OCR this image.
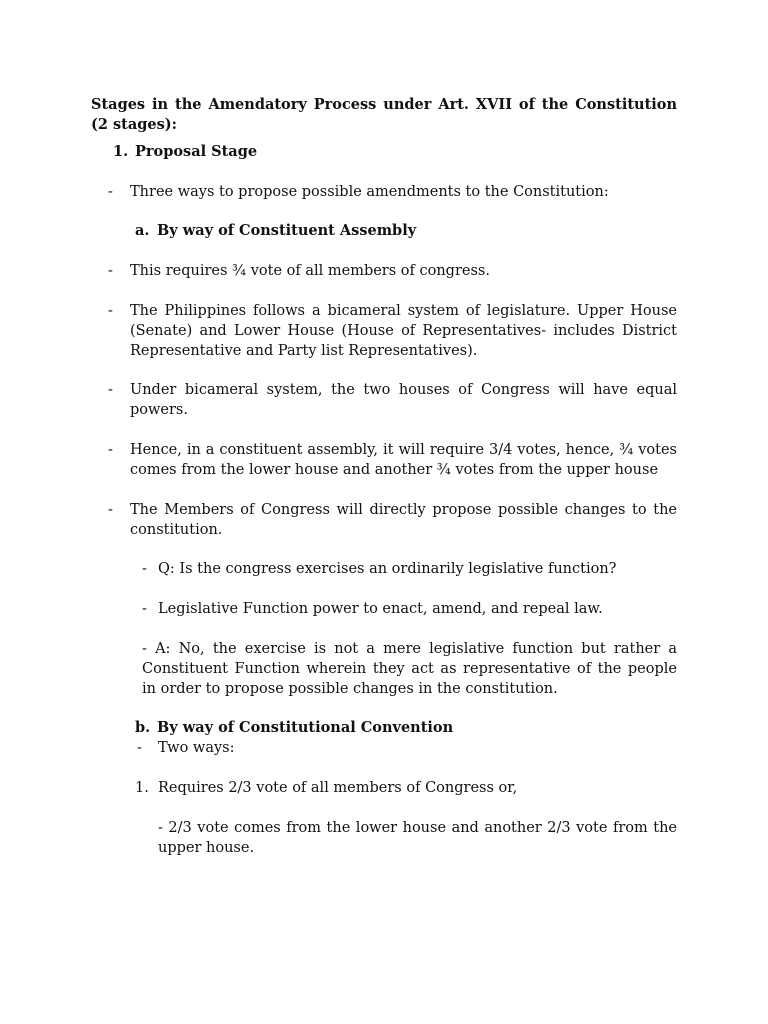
Stages in the Amendatory Process under Art. XVII of the Constitution (2 stages):
1. Proposal Stage
- Three ways to propose possible amendments to the Constitution:
a. By way of Constituent Assembly
- This requires ¾ vote of all members of congress.
- The Philippines follows a bicameral system of legislature. Upper House (Senate) and Lower House (House of Representatives- includes District Representative and Party list Representatives).
- Under bicameral system, the two houses of Congress will have equal powers.
- Hence, in a constituent assembly, it will require 3/4 votes, hence, ¾ votes comes from the lower house and another ¾ votes from the upper house
- The Members of Congress will directly propose possible changes to the constitution.
- Q: Is the congress exercises an ordinarily legislative function?
- Legislative Function power to enact, amend, and repeal law.
- A: No, the exercise is not a mere legislative function but rather a Constituent Function wherein they act as representative of the people in order to propose possible changes in the constitution.
b. By way of Constitutional Convention
- Two ways:
1. Requires 2/3 vote of all members of Congress or,
- 2/3 vote comes from the lower house and another 2/3 vote from the upper house.
